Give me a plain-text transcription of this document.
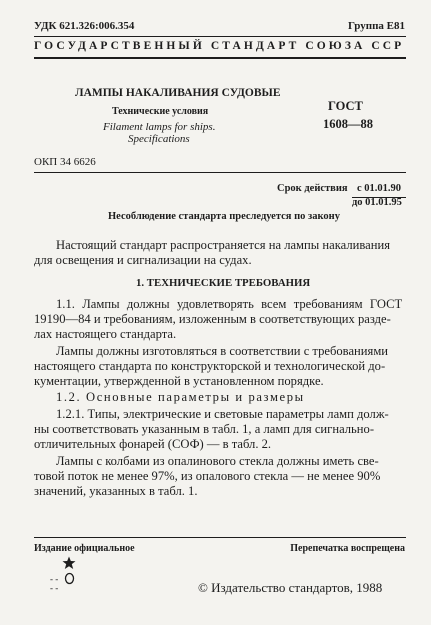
УДК 621.326:006.354	Группа Е81
ГОСУДАРСТВЕННЫЙ СТАНДАРТ СОЮЗА ССР
ЛАМПЫ НАКАЛИВАНИЯ СУДОВЫЕ
Технические условия
Filament lamps for ships.
Specifications
ГОСТ
1608—88
ОКП 34 6626
Срок действия с 01.01.90
до 01.01.95
Несоблюдение стандарта преследуется по закону
Настоящий стандарт распространяется на лампы накаливания
для освещения и сигнализации на судах.
1. ТЕХНИЧЕСКИЕ ТРЕБОВАНИЯ
1.1. Лампы должны удовлетворять всем требованиям ГОСТ
19190—84 и требованиям, изложенным в соответствующих разде-
лах настоящего стандарта.
Лампы должны изготовляться в соответствии с требованиями
настоящего стандарта по конструкторской и технологической до-
кументации, утвержденной в установленном порядке.
1.2. Основные параметры и размеры
1.2.1. Типы, электрические и световые параметры ламп долж-
ны соответствовать указанным в табл. 1, а ламп для сигнально-
отличительных фонарей (СОФ) — в табл. 2.
Лампы с колбами из опалинового стекла должны иметь све-
товой поток не менее 97%, из опалового стекла — не менее 90%
значений, указанных в табл. 1.
Издание официальное	Перепечатка воспрещена
- -
- -	© Издательство стандартов, 1988
